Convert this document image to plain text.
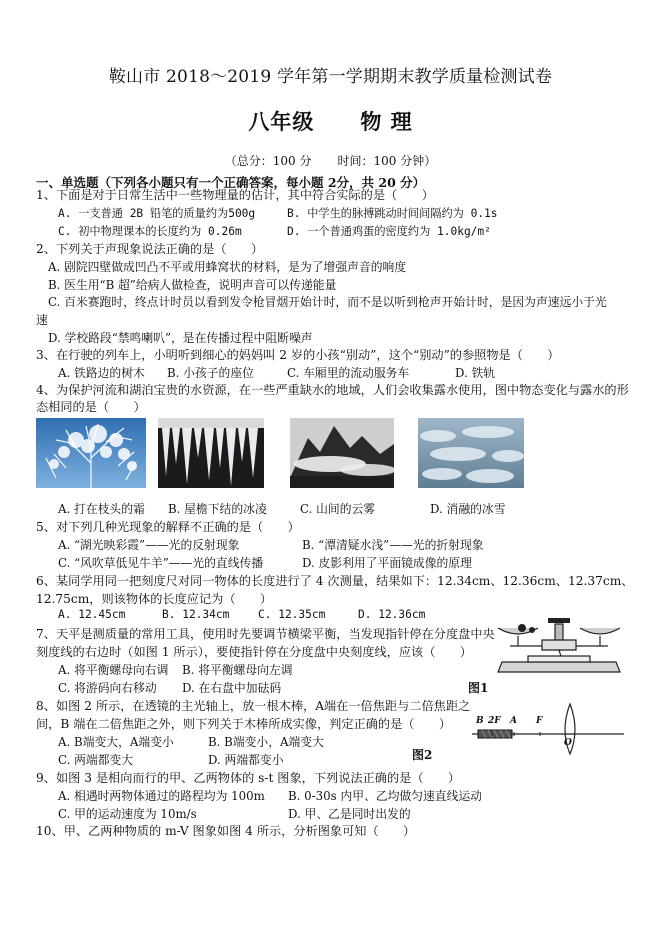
鞍山市 2018～2019 学年第一学期期末教学质量检测试卷
八年级 物 理
（总分：100 分 时间：100 分钟）
一、单选题（下列各小题只有一个正确答案，每小题 2分，共 20 分）
1、下面是对于日常生活中一些物理量的估计，其中符合实际的是（　　）
A. 一支普通 2B 铅笔的质量约为500g	B. 中学生的脉搏跳动时间间隔约为 0.1s
C. 初中物理课本的长度约为 0.26m	D. 一个普通鸡蛋的密度约为 1.0kg/m²
2、下列关于声现象说法正确的是（　　）
A. 剧院四壁做成凹凸不平或用蜂窝状的材料，是为了增强声音的响度
B. 医生用“B 超”给病人做检查，说明声音可以传递能量
C. 百米赛跑时，终点计时员以看到发令枪冒烟开始计时，而不是以听到枪声开始计时，是因为声速远小于光
速
D. 学校路段“禁鸣喇叭”，是在传播过程中阻断噪声
3、在行驶的列车上，小明听到细心的妈妈叫 2 岁的小孩“别动”，这个“别动”的参照物是（　　）
A. 铁路边的树木 B. 小孩子的座位	C. 车厢里的流动服务车	D. 铁轨
4、为保护河流和湖泊宝贵的水资源，在一些严重缺水的地域，人们会收集露水使用，图中物态变化与露水的形
态相同的是（　　）
A. 打在枝头的霜 B. 屋檐下结的冰凌	C. 山间的云雾	D. 消融的冰雪
5、对下列几种光现象的解释不正确的是（　　）
A. “湖光映彩霞”——光的反射现象	B. “潭清疑水浅”——光的折射现象
C. “风吹草低见牛羊”——光的直线传播	D. 皮影利用了平面镜成像的原理
6、某同学用同一把刻度尺对同一物体的长度进行了 4 次测量，结果如下：12.34cm、12.36cm、12.37cm、
12.75cm，则该物体的长度应记为（　　）
A. 12.45cm	B. 12.34cm	C. 12.35cm	D. 12.36cm
7、天平是测质量的常用工具，使用时先要调节横梁平衡，当发现指针停在分度盘中央
刻度线的右边时（如图 1 所示），要使指针停在分度盘中央刻度线，应该（　　）
A. 将平衡螺母向右调 B. 将平衡螺母向左调
C. 将游码向右移动 D. 在右盘中加砝码	图1
8、如图 2 所示，在透镜的主光轴上，放一根木棒，A端在一倍焦距与二倍焦距之
间，B 端在二倍焦距之外，则下列关于木棒所成实像，判定正确的是（　　）
A. B端变大，A端变小	B. B端变小，A端变大
C. 两端都变大	D. 两端都变小
B 2F A F
O
图2
9、如图 3 是相向而行的甲、乙两物体的 s-t 图象，下列说法正确的是（　　）
A. 相遇时两物体通过的路程均为 100m B. 0-30s 内甲、乙均做匀速直线运动
C. 甲的运动速度为 10m/s	D. 甲、乙是同时出发的
10、甲、乙两种物质的 m-V 图象如图 4 所示，分析图象可知（　　）
